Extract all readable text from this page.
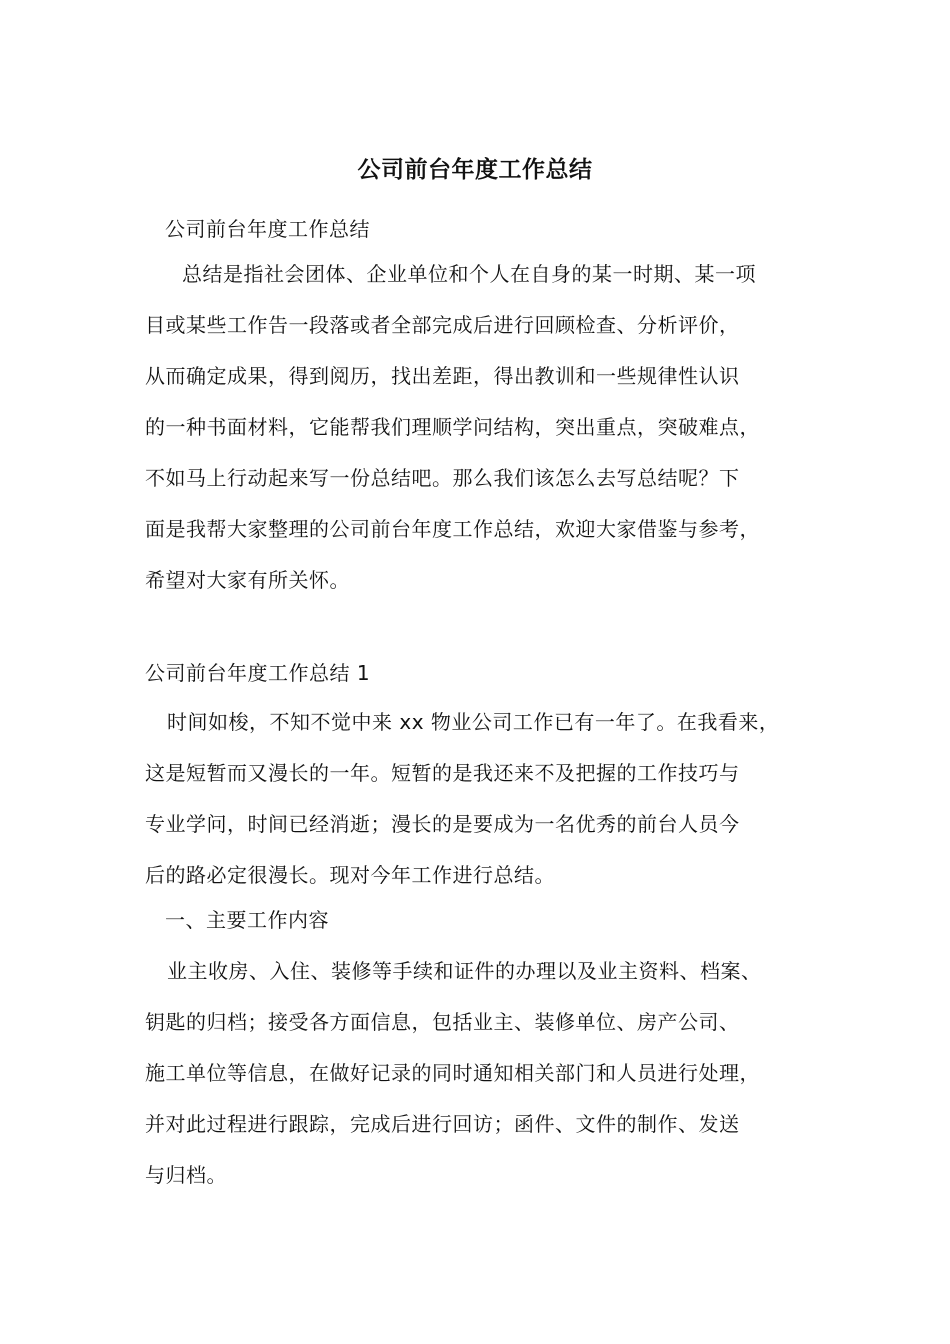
公司前台年度工作总结
公司前台年度工作总结
总结是指社会团体、企业单位和个人在自身的某一时期、某一项
目或某些工作告一段落或者全部完成后进行回顾检查、分析评价，
从而确定成果，得到阅历，找出差距，得出教训和一些规律性认识
的一种书面材料，它能帮我们理顺学问结构，突出重点，突破难点，
不如马上行动起来写一份总结吧。那么我们该怎么去写总结呢？下
面是我帮大家整理的公司前台年度工作总结，欢迎大家借鉴与参考，
希望对大家有所关怀。
公司前台年度工作总结 1
时间如梭，不知不觉中来 xx 物业公司工作已有一年了。在我看来，
这是短暂而又漫长的一年。短暂的是我还来不及把握的工作技巧与
专业学问，时间已经消逝；漫长的是要成为一名优秀的前台人员今
后的路必定很漫长。现对今年工作进行总结。
一、主要工作内容
业主收房、入住、装修等手续和证件的办理以及业主资料、档案、
钥匙的归档；接受各方面信息，包括业主、装修单位、房产公司、
施工单位等信息，在做好记录的同时通知相关部门和人员进行处理，
并对此过程进行跟踪，完成后进行回访；函件、文件的制作、发送
与归档。
